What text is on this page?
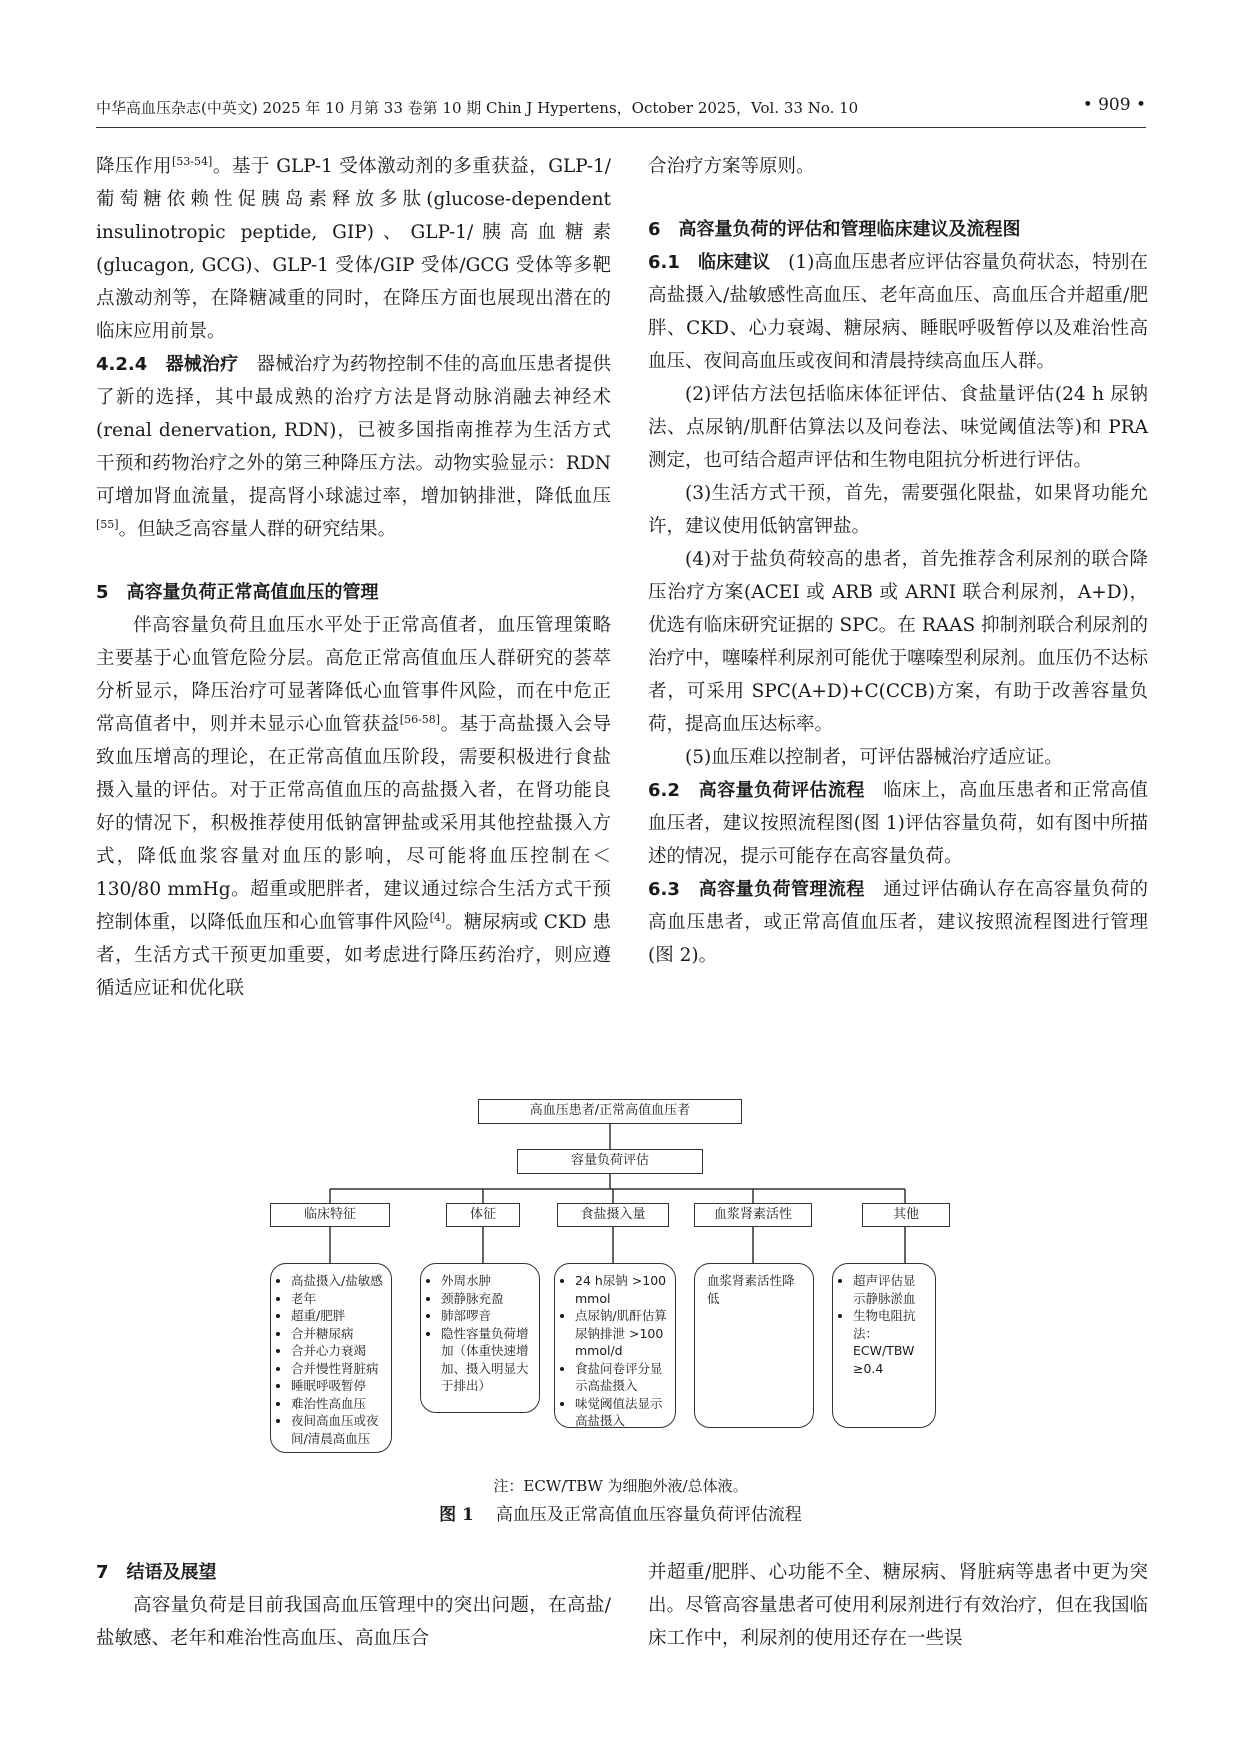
中华高血压杂志(中英文) 2025 年 10 月第 33 卷第 10 期 Chin J Hypertens，October 2025，Vol. 33 No. 10	• 909 •

降压作用[53-54]。基于 GLP-1 受体激动剂的多重获益，GLP-1/葡萄糖依赖性促胰岛素释放多肽(glucose-dependent insulinotropic peptide, GIP)、GLP-1/胰高血糖素(glucagon, GCG)、GLP-1 受体/GIP 受体/GCG 受体等多靶点激动剂等，在降糖减重的同时，在降压方面也展现出潜在的临床应用前景。

4.2.4　器械治疗　器械治疗为药物控制不佳的高血压患者提供了新的选择，其中最成熟的治疗方法是肾动脉消融去神经术(renal denervation, RDN)，已被多国指南推荐为生活方式干预和药物治疗之外的第三种降压方法。动物实验显示：RDN 可增加肾血流量，提高肾小球滤过率，增加钠排泄，降低血压[55]。但缺乏高容量人群的研究结果。

5　高容量负荷正常高值血压的管理

伴高容量负荷且血压水平处于正常高值者，血压管理策略主要基于心血管危险分层。高危正常高值血压人群研究的荟萃分析显示，降压治疗可显著降低心血管事件风险，而在中危正常高值者中，则并未显示心血管获益[56-58]。基于高盐摄入会导致血压增高的理论，在正常高值血压阶段，需要积极进行食盐摄入量的评估。对于正常高值血压的高盐摄入者，在肾功能良好的情况下，积极推荐使用低钠富钾盐或采用其他控盐摄入方式，降低血浆容量对血压的影响，尽可能将血压控制在＜130/80 mmHg。超重或肥胖者，建议通过综合生活方式干预控制体重，以降低血压和心血管事件风险[4]。糖尿病或 CKD 患者，生活方式干预更加重要，如考虑进行降压药治疗，则应遵循适应证和优化联

合治疗方案等原则。

6　高容量负荷的评估和管理临床建议及流程图

6.1　临床建议　(1)高血压患者应评估容量负荷状态，特别在高盐摄入/盐敏感性高血压、老年高血压、高血压合并超重/肥胖、CKD、心力衰竭、糖尿病、睡眠呼吸暂停以及难治性高血压、夜间高血压或夜间和清晨持续高血压人群。

(2)评估方法包括临床体征评估、食盐量评估(24 h 尿钠法、点尿钠/肌酐估算法以及问卷法、味觉阈值法等)和 PRA 测定，也可结合超声评估和生物电阻抗分析进行评估。

(3)生活方式干预，首先，需要强化限盐，如果肾功能允许，建议使用低钠富钾盐。

(4)对于盐负荷较高的患者，首先推荐含利尿剂的联合降压治疗方案(ACEI 或 ARB 或 ARNI 联合利尿剂，A+D)，优选有临床研究证据的 SPC。在 RAAS 抑制剂联合利尿剂的治疗中，噻嗪样利尿剂可能优于噻嗪型利尿剂。血压仍不达标者，可采用 SPC(A+D)+C(CCB)方案，有助于改善容量负荷，提高血压达标率。

(5)血压难以控制者，可评估器械治疗适应证。

6.2　高容量负荷评估流程　临床上，高血压患者和正常高值血压者，建议按照流程图(图 1)评估容量负荷，如有图中所描述的情况，提示可能存在高容量负荷。

6.3　高容量负荷管理流程　通过评估确认存在高容量负荷的高血压患者，或正常高值血压者，建议按照流程图进行管理(图 2)。

高血压患者/正常高值血压者
容量负荷评估
临床特征	体征	食盐摄入量	血浆肾素活性	其他
• 高盐摄入/盐敏感
• 老年
• 超重/肥胖
• 合并糖尿病
• 合并心力衰竭
• 合并慢性肾脏病
• 睡眠呼吸暂停
• 难治性高血压
• 夜间高血压或夜间/清晨高血压
• 外周水肿
• 颈静脉充盈
• 肺部啰音
• 隐性容量负荷增加（体重快速增加、摄入明显大于排出）
• 24 h尿钠 >100 mmol
• 点尿钠/肌酐估算尿钠排泄 >100 mmol/d
• 食盐问卷评分显示高盐摄入
• 味觉阈值法显示高盐摄入
血浆肾素活性降低
• 超声评估显示静脉淤血
• 生物电阻抗法：ECW/TBW ≥0.4
注：ECW/TBW 为细胞外液/总体液。
图 1 高血压及正常高值血压容量负荷评估流程

7　结语及展望

高容量负荷是目前我国高血压管理中的突出问题，在高盐/盐敏感、老年和难治性高血压、高血压合

并超重/肥胖、心功能不全、糖尿病、肾脏病等患者中更为突出。尽管高容量患者可使用利尿剂进行有效治疗，但在我国临床工作中，利尿剂的使用还存在一些误
